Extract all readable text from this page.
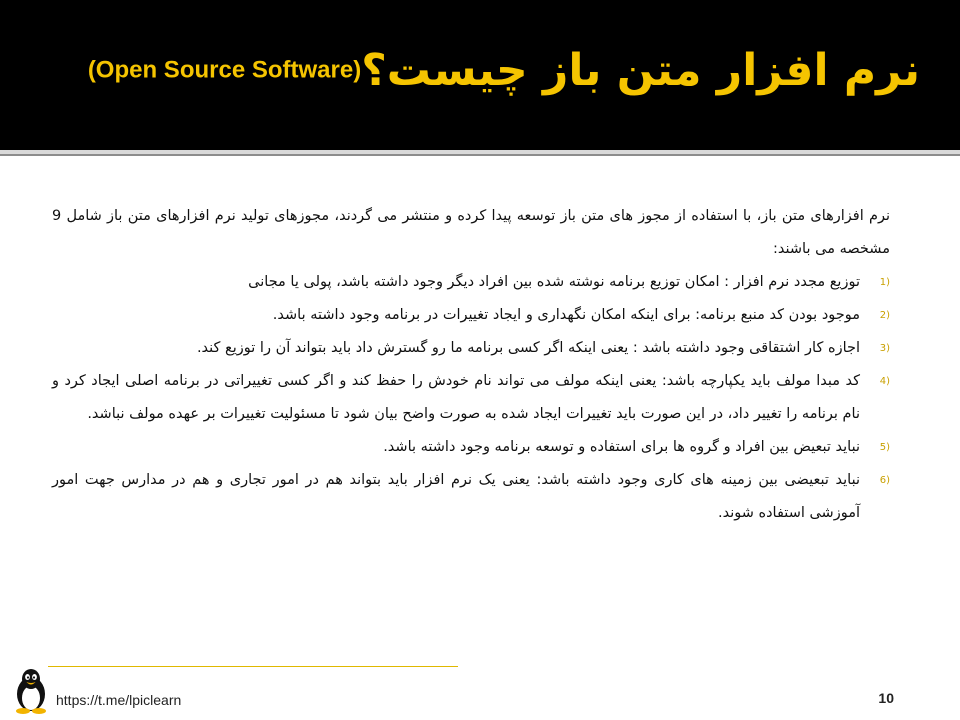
نرم افزار متن باز چیست؟(Open Source Software)

نرم افزارهای متن باز، با استفاده از مجوز های متن باز توسعه پیدا کرده و منتشر می گردند، مجوزهای تولید نرم افزارهای متن باز شامل 9 مشخصه می باشند:

1)
توزیع مجدد نرم افزار : امکان توزیع برنامه نوشته شده بین افراد دیگر وجود داشته باشد، پولی یا مجانی
2)
موجود بودن کد منبع برنامه: برای اینکه امکان نگهداری و ایجاد تغییرات در برنامه وجود داشته باشد.
3)
اجازه کار اشتقاقی وجود داشته باشد : یعنی اینکه اگر کسی برنامه ما رو گسترش داد باید بتواند آن را توزیع کند.
4)
کد مبدا مولف باید یکپارچه باشد: یعنی اینکه مولف می تواند نام خودش را حفظ کند و اگر کسی تغییراتی در برنامه اصلی ایجاد کرد و نام برنامه را تغییر داد، در این صورت باید تغییرات ایجاد شده به صورت واضح بیان شود تا مسئولیت تغییرات بر عهده مولف نباشد.
5)
نباید تبعیض بین افراد و گروه ها برای استفاده و توسعه برنامه وجود داشته باشد.
6)
نباید تبعیضی بین زمینه های کاری وجود داشته باشد: یعنی یک نرم افزار باید بتواند هم در امور تجاری و هم در مدارس جهت امور آموزشی استفاده شوند.
https://t.me/lpiclearn	10
